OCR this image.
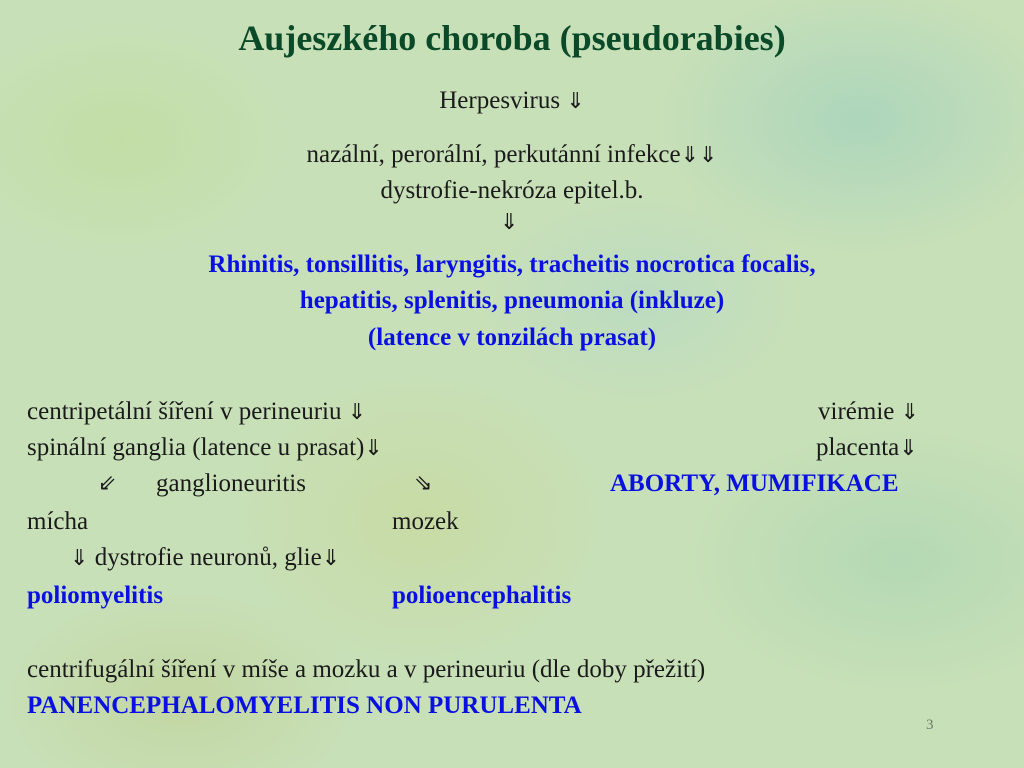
Aujeszkého choroba (pseudorabies)
Herpesvirus ⇓
nazální, perorální, perkutánní infekce⇓⇓
dystrofie-nekróza epitel.b.
⇓
Rhinitis, tonsillitis, laryngitis, tracheitis nocrotica focalis,
hepatitis, splenitis, pneumonia (inkluze)
(latence v tonzilách prasat)
centripetální šíření v perineuriu ⇓	virémie ⇓
spinální ganglia (latence u prasat)⇓	placenta⇓
⇙ ganglioneuritis	⇘	ABORTY, MUMIFIKACE
mícha	mozek
⇓ dystrofie neuronů, glie⇓
poliomyelitis	polioencephalitis
centrifugální šíření v míše a mozku a v perineuriu (dle doby přežití)
PANENCEPHALOMYELITIS NON PURULENTA
3
